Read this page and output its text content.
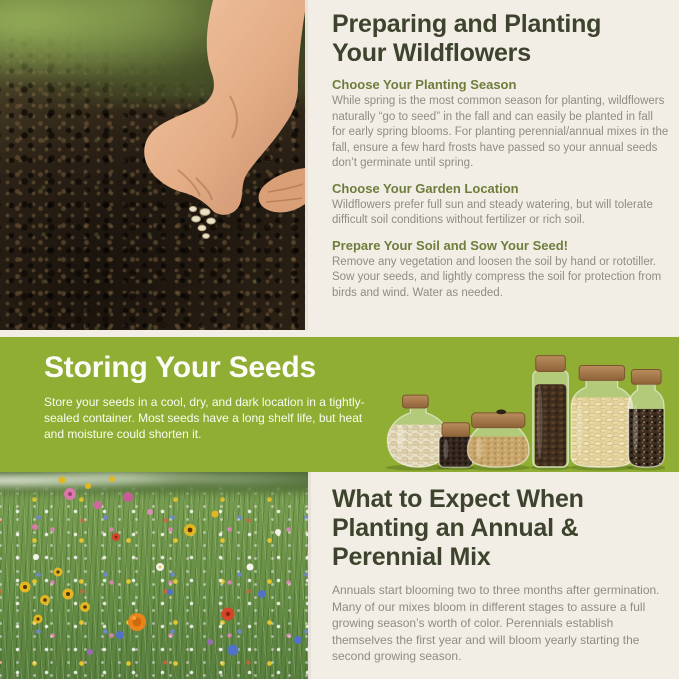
Preparing and Planting
Your Wildflowers
Choose Your Planting Season
While spring is the most common season for planting, wildflowers naturally “go to seed” in the fall and can easily be planted in fall for early spring blooms. For planting perennial/annual mixes in the fall, ensure a few hard frosts have passed so your annual seeds don’t germinate until spring.
Choose Your Garden Location
Wildflowers prefer full sun and steady watering, but will tolerate difficult soil conditions without fertilizer or rich soil.
Prepare Your Soil and Sow Your Seed!
Remove any vegetation and loosen the soil by hand or rototiller. Sow your seeds, and lightly compress the soil for protection from birds and wind. Water as needed.
Storing Your Seeds
Store your seeds in a cool, dry, and dark location in a tightly-sealed container. Most seeds have a long shelf life, but heat and moisture could shorten it.
What to Expect When
Planting an Annual &
Perennial Mix
Annuals start blooming two to three months after germination. Many of our mixes bloom in different stages to assure a full growing season’s worth of color. Perennials establish themselves the first year and will bloom yearly starting the second growing season.
